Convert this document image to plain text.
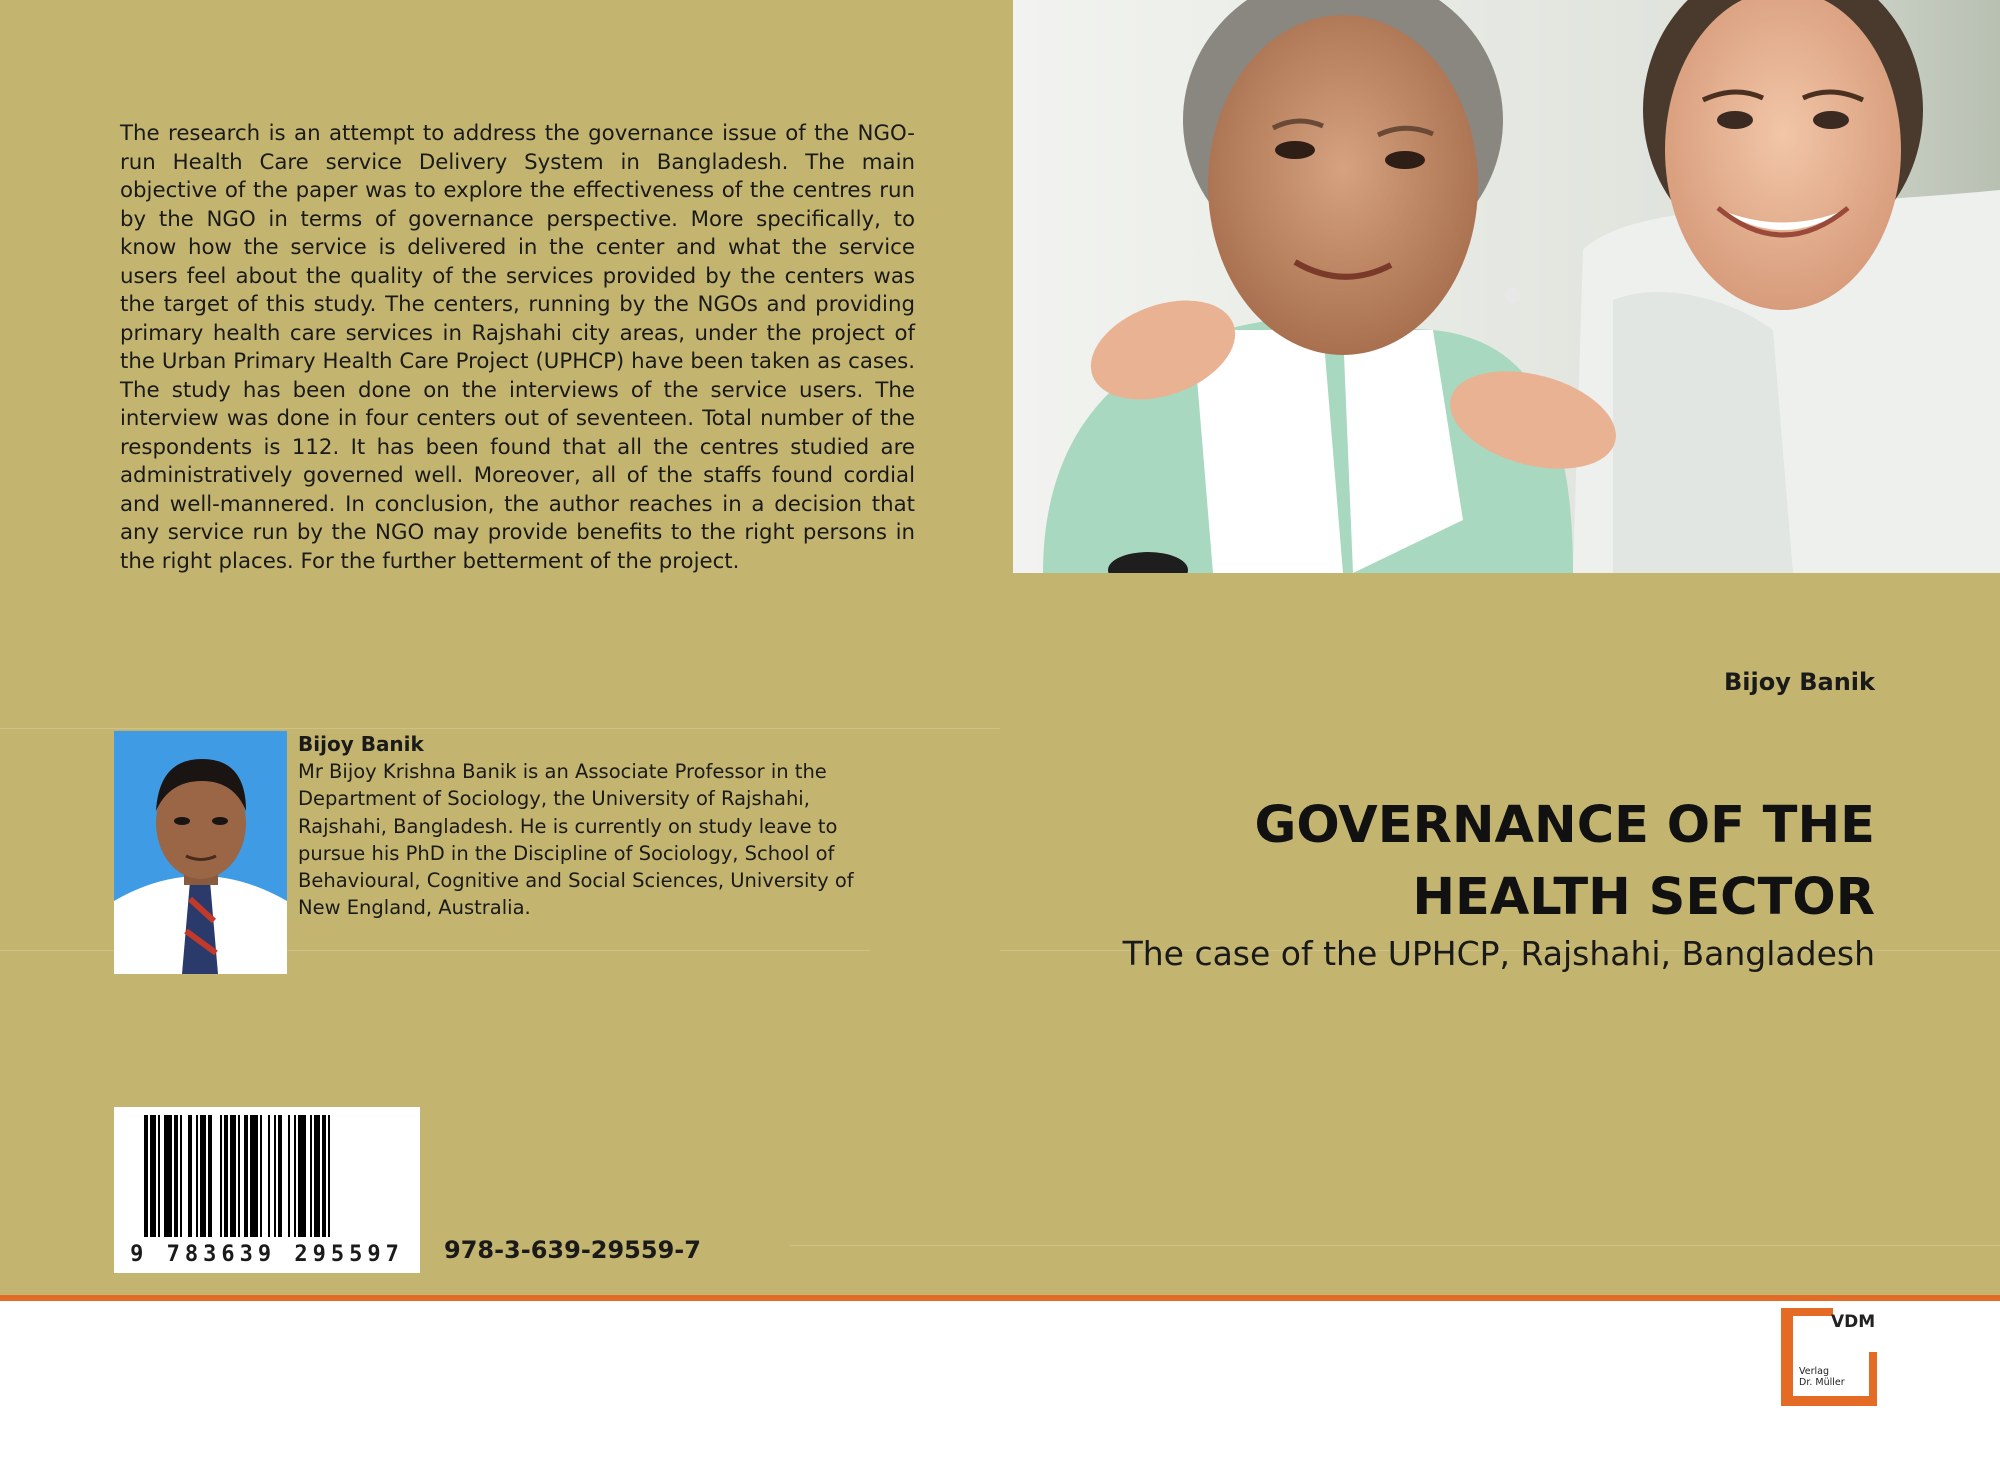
The research is an attempt to address the governance issue of the NGO-run Health Care service Delivery System in Bangladesh. The main objective of the paper was to explore the effectiveness of the centres run by the NGO in terms of governance perspective. More specifically, to know how the service is delivered in the center and what the service users feel about the quality of the services provided by the centers was the target of this study. The centers, running by the NGOs and providing primary health care services in Rajshahi city areas, under the project of the Urban Primary Health Care Project (UPHCP) have been taken as cases. The study has been done on the interviews of the service users. The interview was done in four centers out of seventeen. Total number of the respondents is 112. It has been found that all the centres studied are administratively governed well. Moreover, all of the staffs found cordial and well-mannered. In conclusion, the author reaches in a decision that any service run by the NGO may provide benefits to the right persons in the right places. For the further betterment of the project.

Bijoy Banik

Mr Bijoy Krishna Banik is an Associate Professor in the Department of Sociology, the University of Rajshahi, Rajshahi, Bangladesh. He is currently on study leave to pursue his PhD in the Discipline of Sociology, School of Behavioural, Cognitive and Social Sciences, University of New England, Australia.

9 783639 295597	978-3-639-29559-7
Bijoy Banik
GOVERNANCE OF THE
HEALTH SECTOR
The case of the UPHCP, Rajshahi, Bangladesh
VDM
Verlag
Dr. Müller
